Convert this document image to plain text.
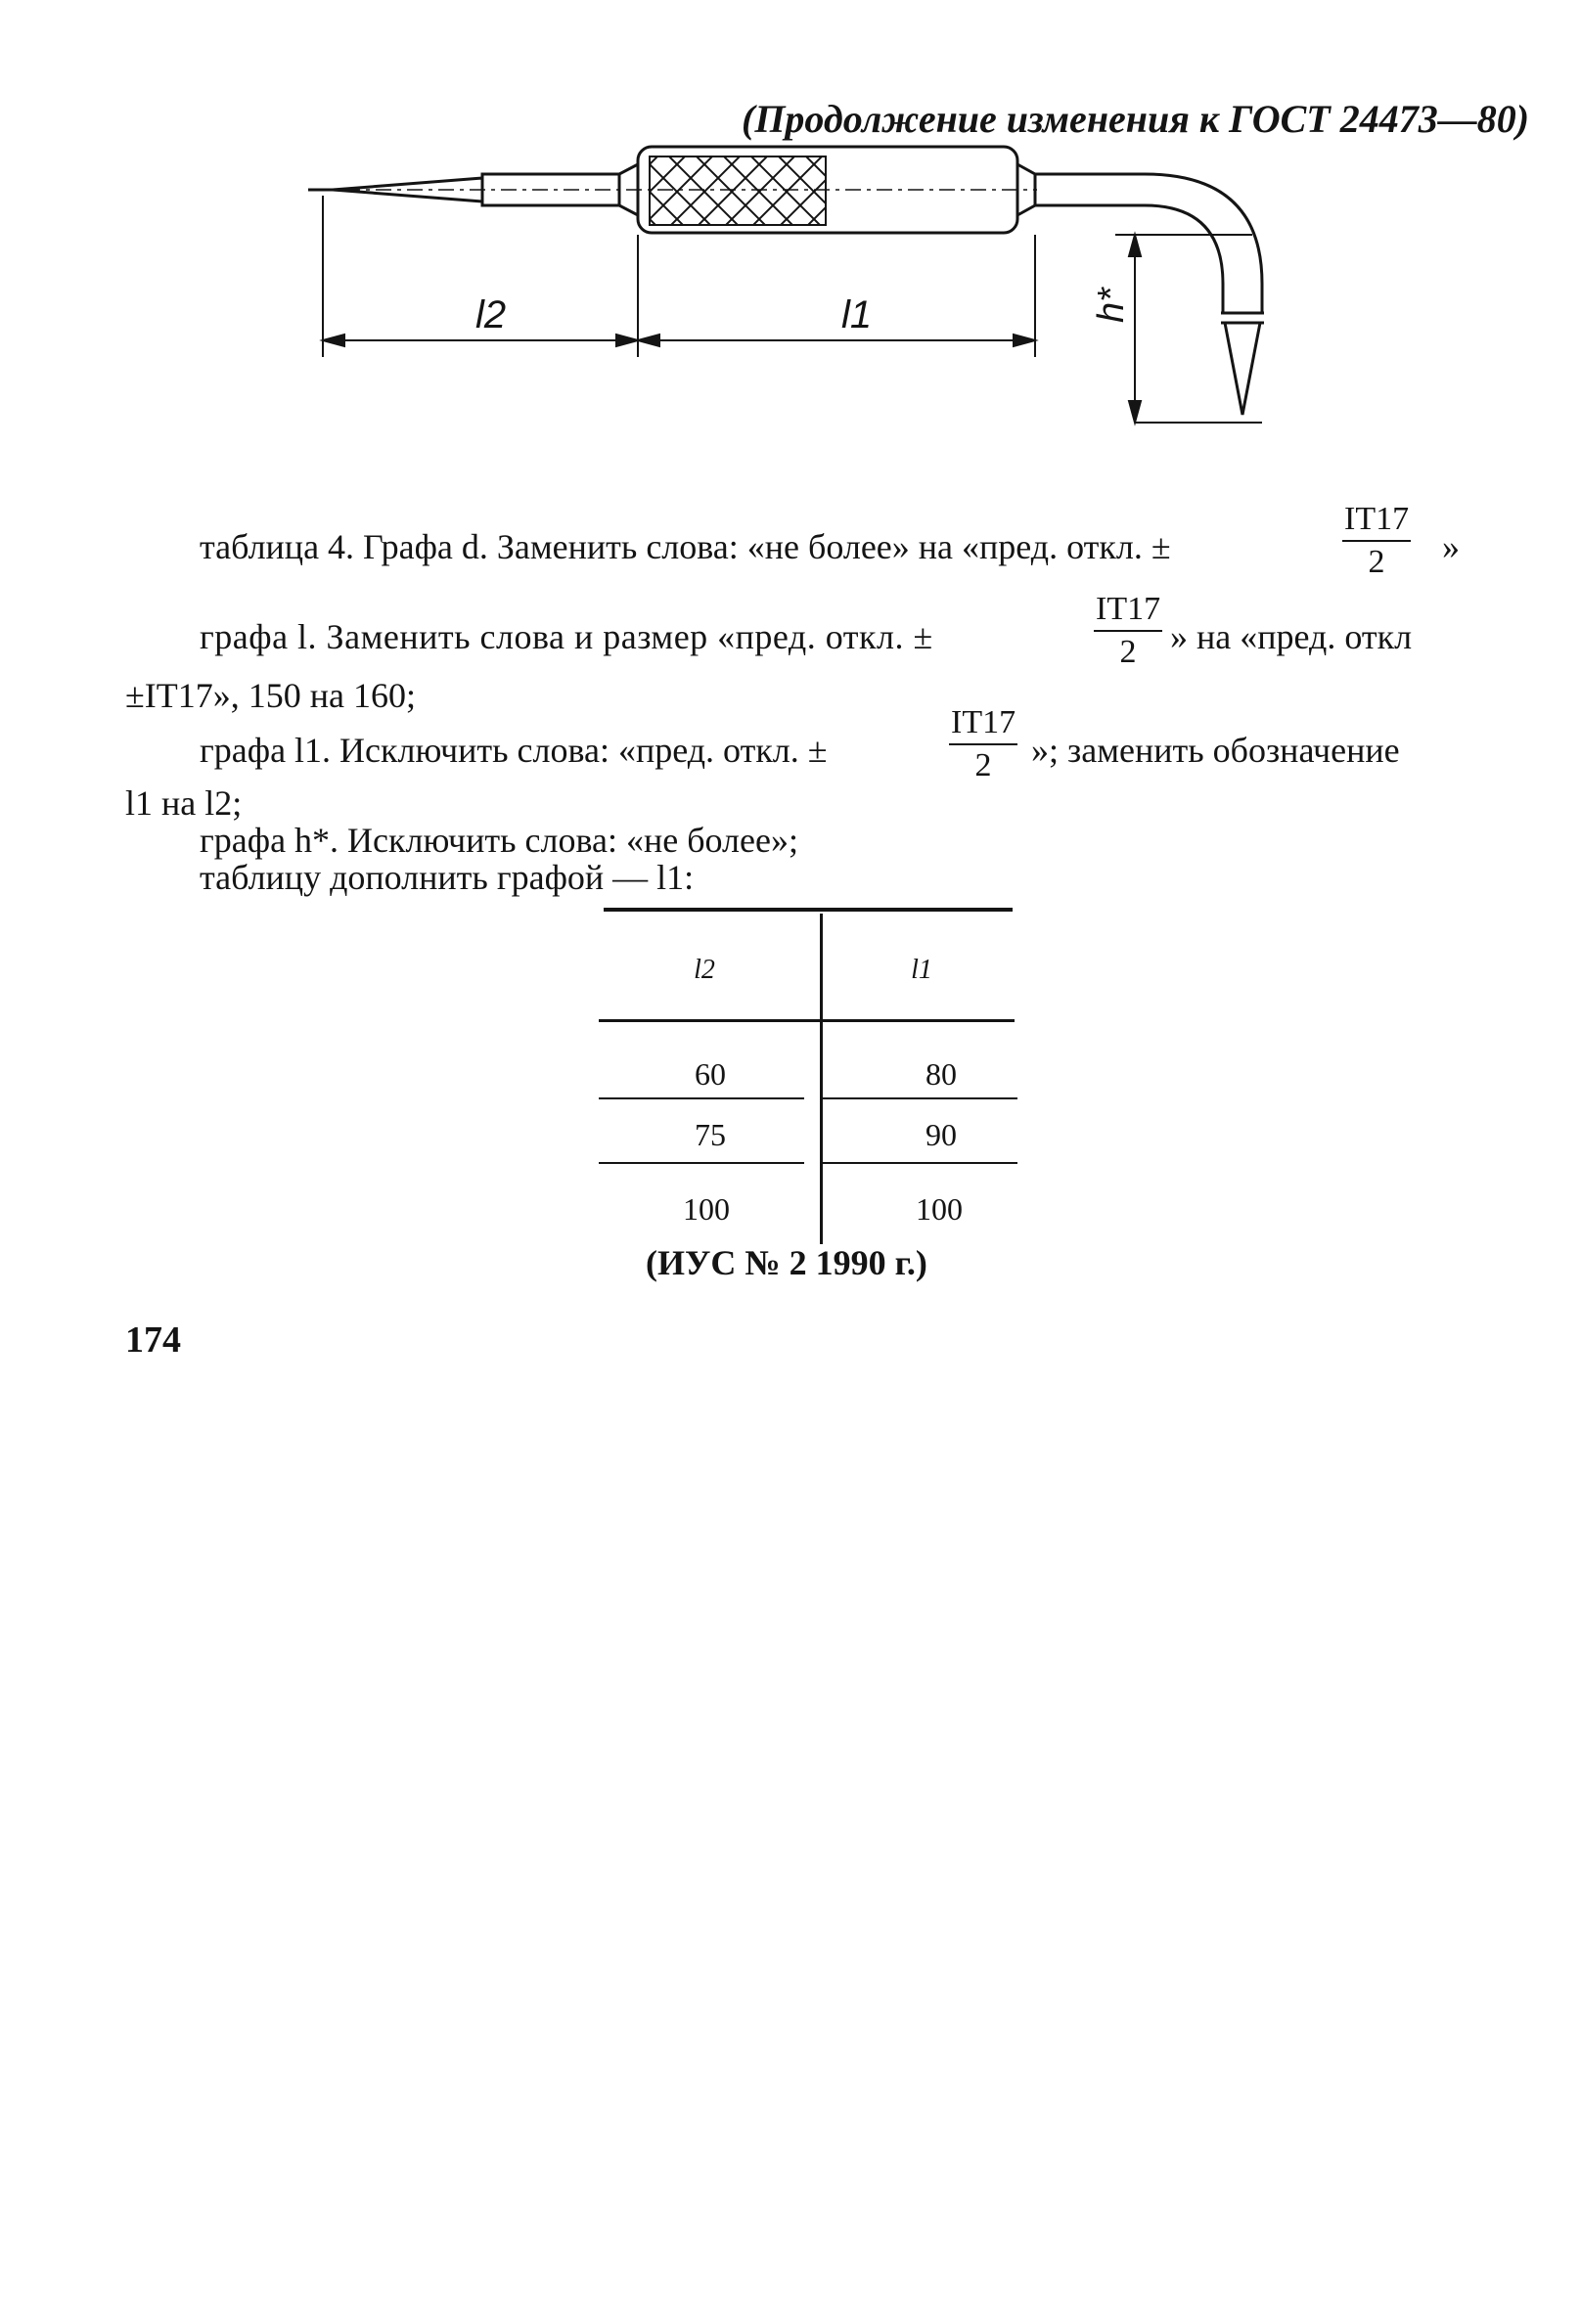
(Продолжение изменения к ГОСТ 24473—80)
l2	l1	h*
таблица 4. Графа d. Заменить слова: «не более» на «пред. откл. ±	$\frac{IT17}{2}$ »
графа l. Заменить слова и размер «пред. откл. ±	$\frac{IT17}{2}$ » на «пред. откл
±IT17», 150 на 160;
графа l1. Исключить слова: «пред. откл. ±	$\frac{IT17}{2}$ »; заменить обозначение
l1 на l2;
графа h*. Исключить слова: «не более»;
таблицу дополнить графой — l1:
l2	l1
60	80
75	90
100	100
(ИУС № 2 1990 г.)
174
